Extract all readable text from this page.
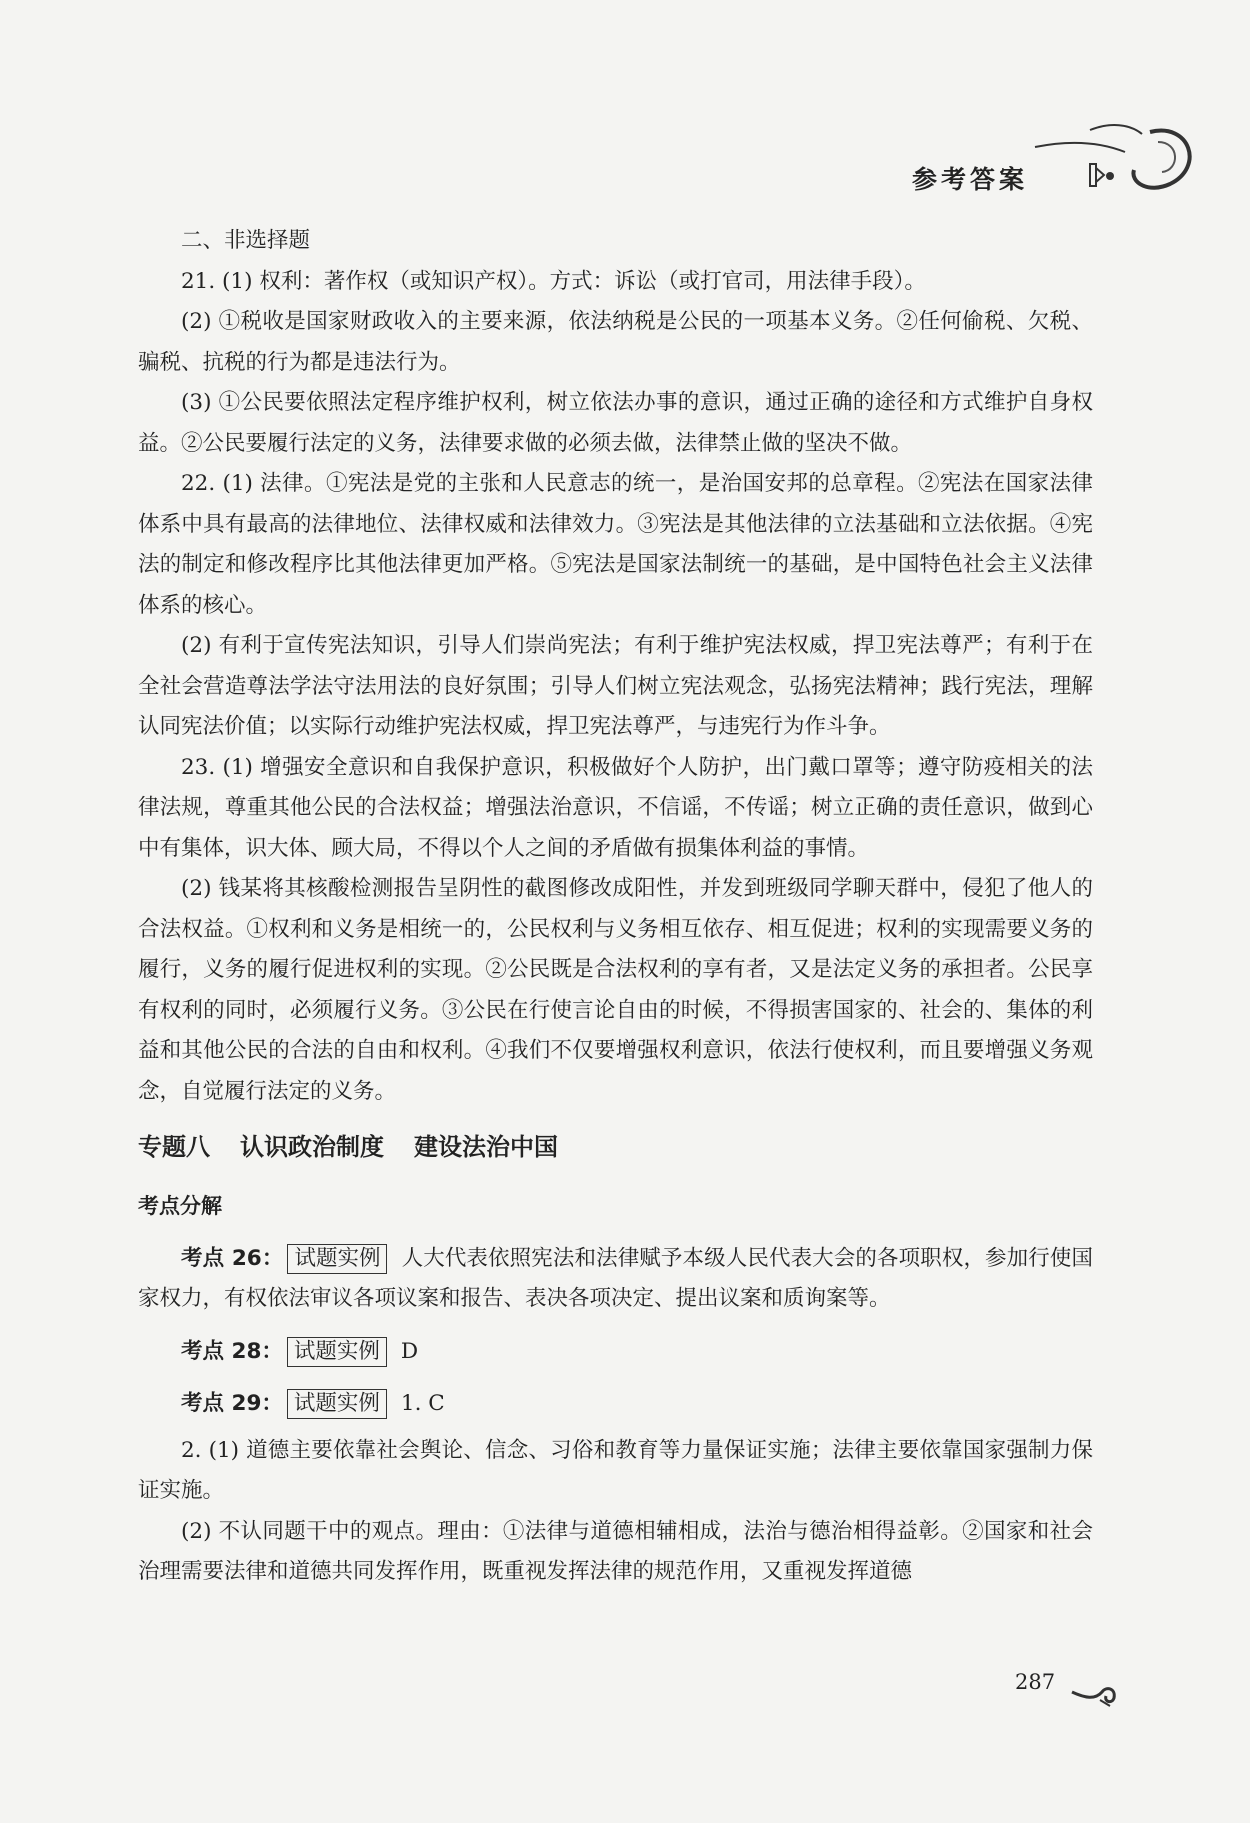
参考答案

二、非选择题

21. (1) 权利：著作权（或知识产权）。方式：诉讼（或打官司，用法律手段）。

(2) ①税收是国家财政收入的主要来源，依法纳税是公民的一项基本义务。②任何偷税、欠税、骗税、抗税的行为都是违法行为。

(3) ①公民要依照法定程序维护权利，树立依法办事的意识，通过正确的途径和方式维护自身权益。②公民要履行法定的义务，法律要求做的必须去做，法律禁止做的坚决不做。

22. (1) 法律。①宪法是党的主张和人民意志的统一，是治国安邦的总章程。②宪法在国家法律体系中具有最高的法律地位、法律权威和法律效力。③宪法是其他法律的立法基础和立法依据。④宪法的制定和修改程序比其他法律更加严格。⑤宪法是国家法制统一的基础，是中国特色社会主义法律体系的核心。

(2) 有利于宣传宪法知识，引导人们崇尚宪法；有利于维护宪法权威，捍卫宪法尊严；有利于在全社会营造尊法学法守法用法的良好氛围；引导人们树立宪法观念，弘扬宪法精神；践行宪法，理解认同宪法价值；以实际行动维护宪法权威，捍卫宪法尊严，与违宪行为作斗争。

23. (1) 增强安全意识和自我保护意识，积极做好个人防护，出门戴口罩等；遵守防疫相关的法律法规，尊重其他公民的合法权益；增强法治意识，不信谣，不传谣；树立正确的责任意识，做到心中有集体，识大体、顾大局，不得以个人之间的矛盾做有损集体利益的事情。

(2) 钱某将其核酸检测报告呈阴性的截图修改成阳性，并发到班级同学聊天群中，侵犯了他人的合法权益。①权利和义务是相统一的，公民权利与义务相互依存、相互促进；权利的实现需要义务的履行，义务的履行促进权利的实现。②公民既是合法权利的享有者，又是法定义务的承担者。公民享有权利的同时，必须履行义务。③公民在行使言论自由的时候，不得损害国家的、社会的、集体的利益和其他公民的合法的自由和权利。④我们不仅要增强权利意识，依法行使权利，而且要增强义务观念，自觉履行法定的义务。

专题八 认识政治制度 建设法治中国

考点分解

考点 26： 试题实例 人大代表依照宪法和法律赋予本级人民代表大会的各项职权，参加行使国家权力，有权依法审议各项议案和报告、表决各项决定、提出议案和质询案等。

考点 28： 试题实例 D

考点 29： 试题实例 1. C

2. (1) 道德主要依靠社会舆论、信念、习俗和教育等力量保证实施；法律主要依靠国家强制力保证实施。

(2) 不认同题干中的观点。理由：①法律与道德相辅相成，法治与德治相得益彰。②国家和社会治理需要法律和道德共同发挥作用，既重视发挥法律的规范作用，又重视发挥道德

287
